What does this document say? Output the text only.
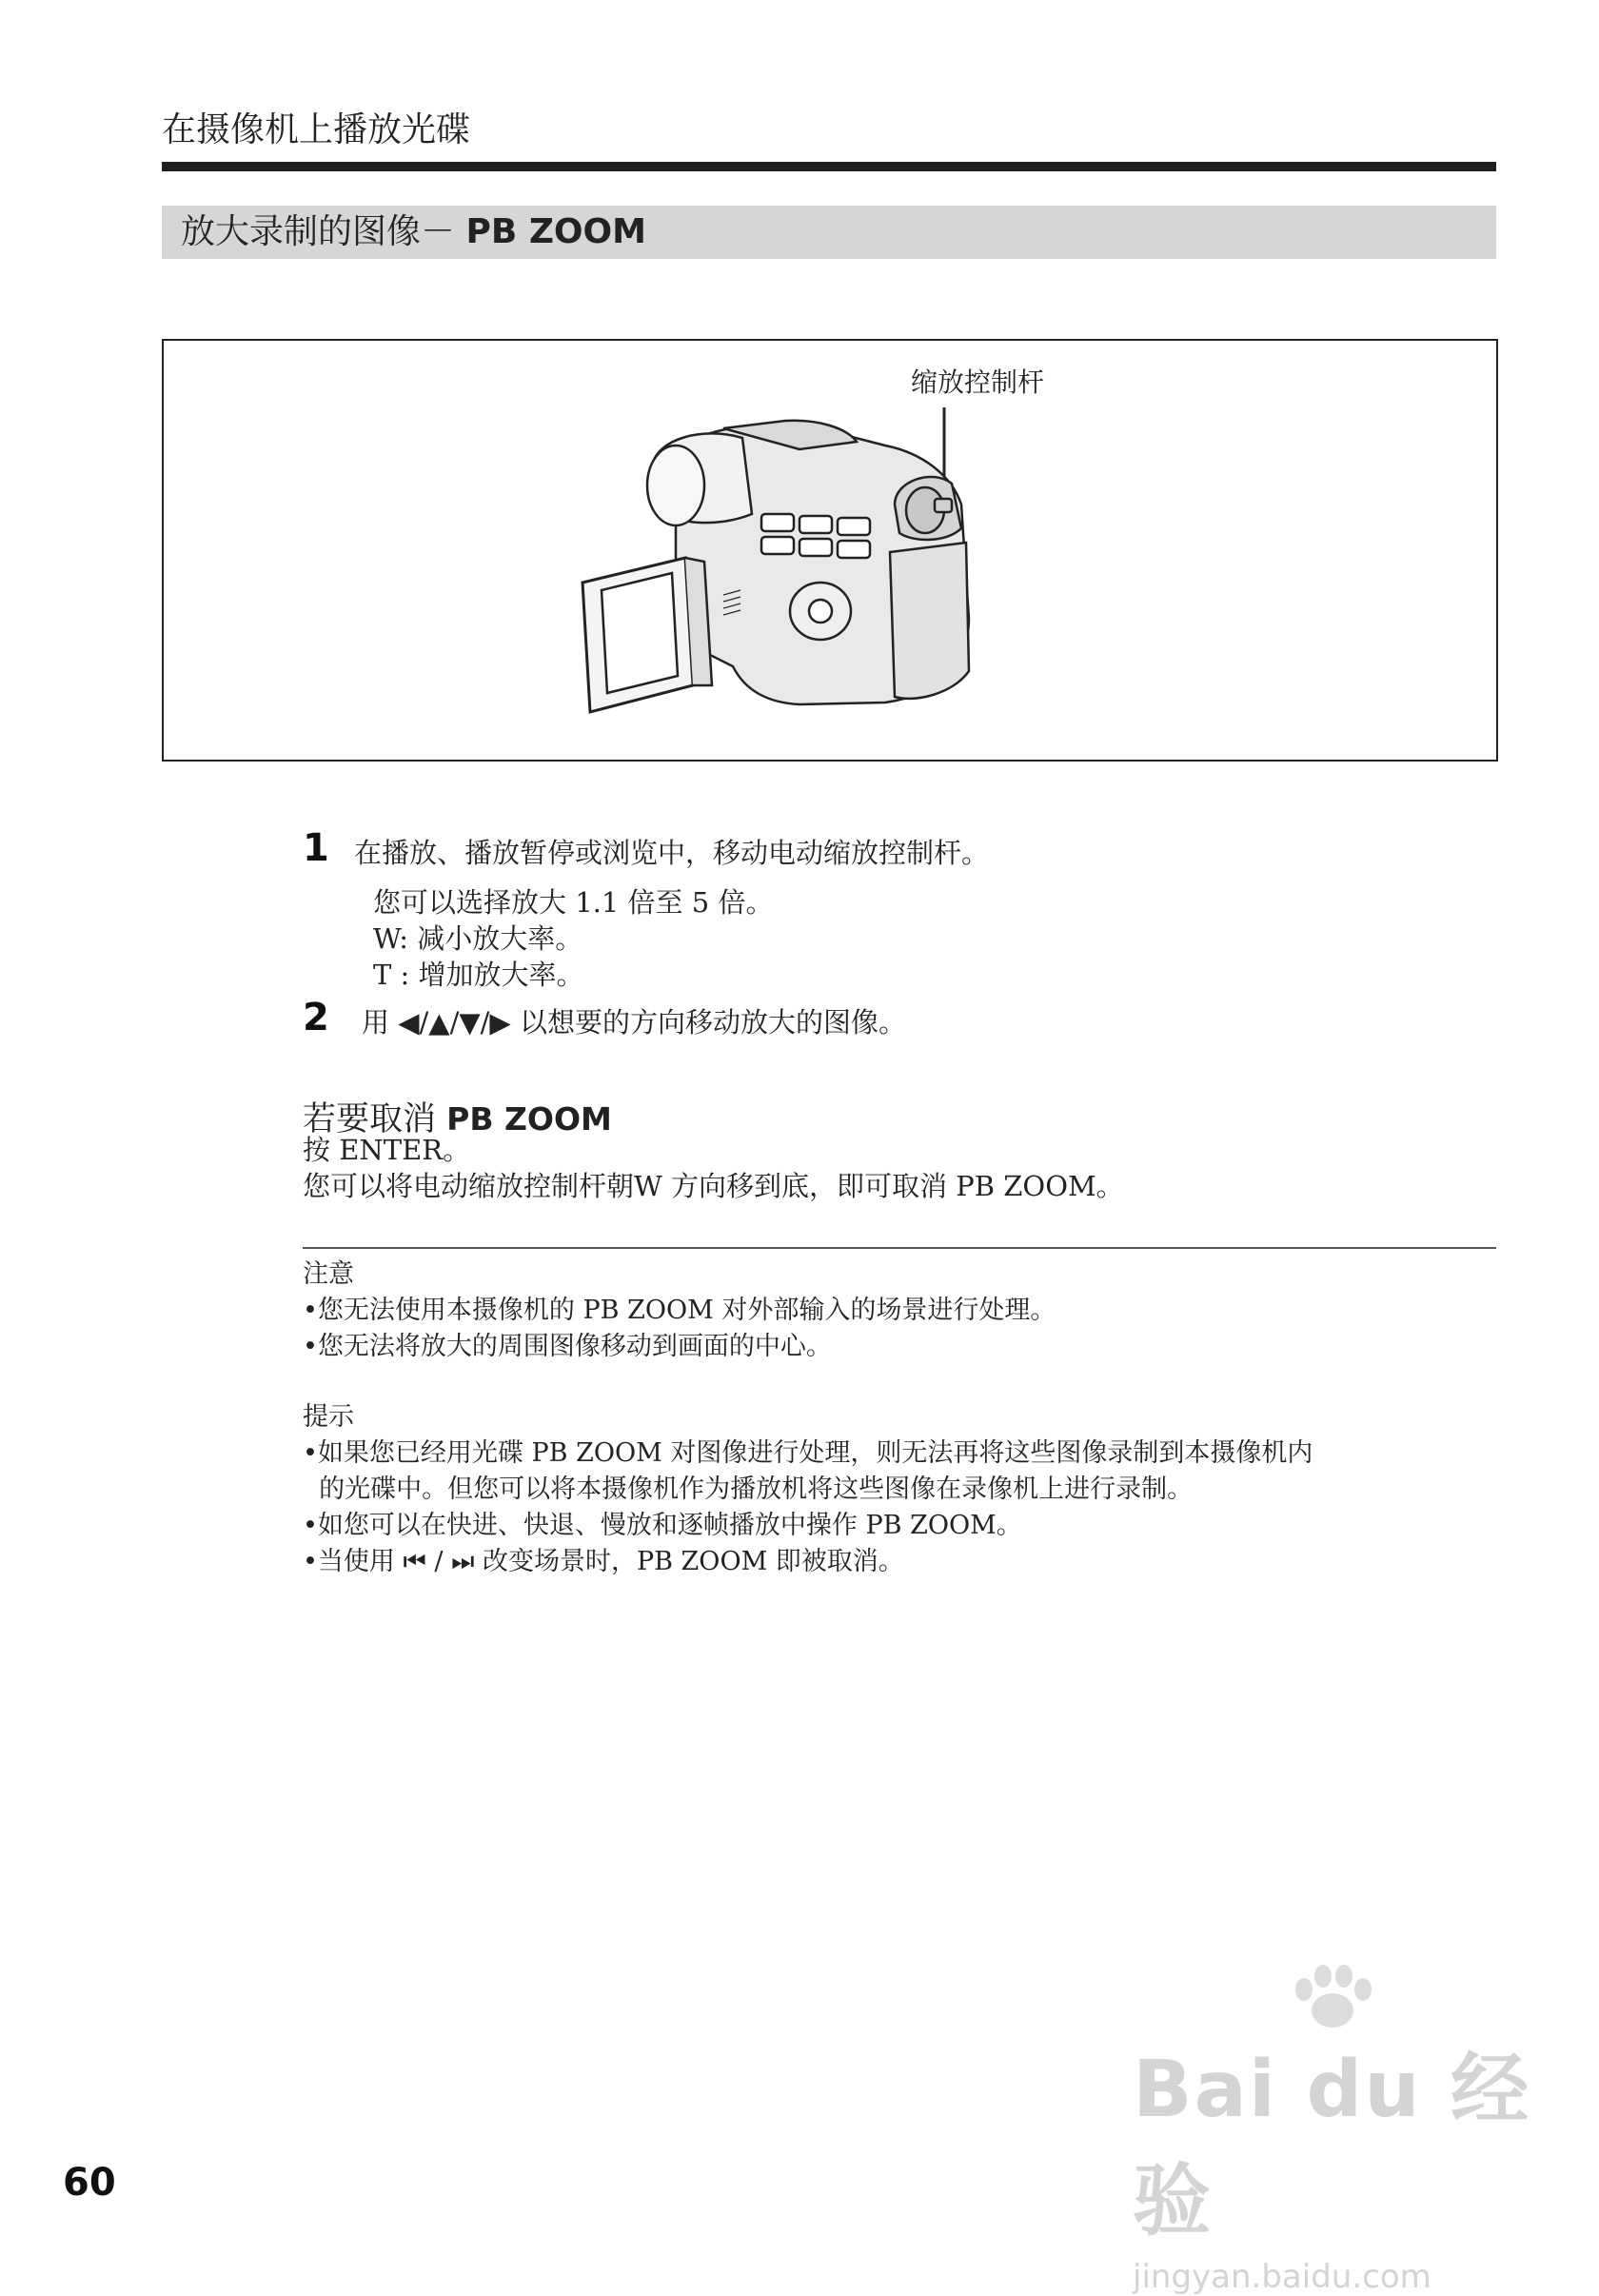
在摄像机上播放光碟
放大录制的图像－ PB ZOOM
缩放控制杆
1 在播放、播放暂停或浏览中，移动电动缩放控制杆。
您可以选择放大 1.1 倍至 5 倍。
W: 减小放大率。
T : 增加放大率。
2 用 ◀/▲/▼/▶ 以想要的方向移动放大的图像。
若要取消 PB ZOOM
按 ENTER。
您可以将电动缩放控制杆朝W 方向移到底，即可取消 PB ZOOM。
注意
•您无法使用本摄像机的 PB ZOOM 对外部输入的场景进行处理。
•您无法将放大的周围图像移动到画面的中心。
提示
•如果您已经用光碟 PB ZOOM 对图像进行处理，则无法再将这些图像录制到本摄像机内
的光碟中。但您可以将本摄像机作为播放机将这些图像在录像机上进行录制。
•如您可以在快进、快退、慢放和逐帧播放中操作 PB ZOOM。
•当使用 ⏮ / ⏭ 改变场景时，PB ZOOM 即被取消。
60
Bai du 经验
jingyan.baidu.com
